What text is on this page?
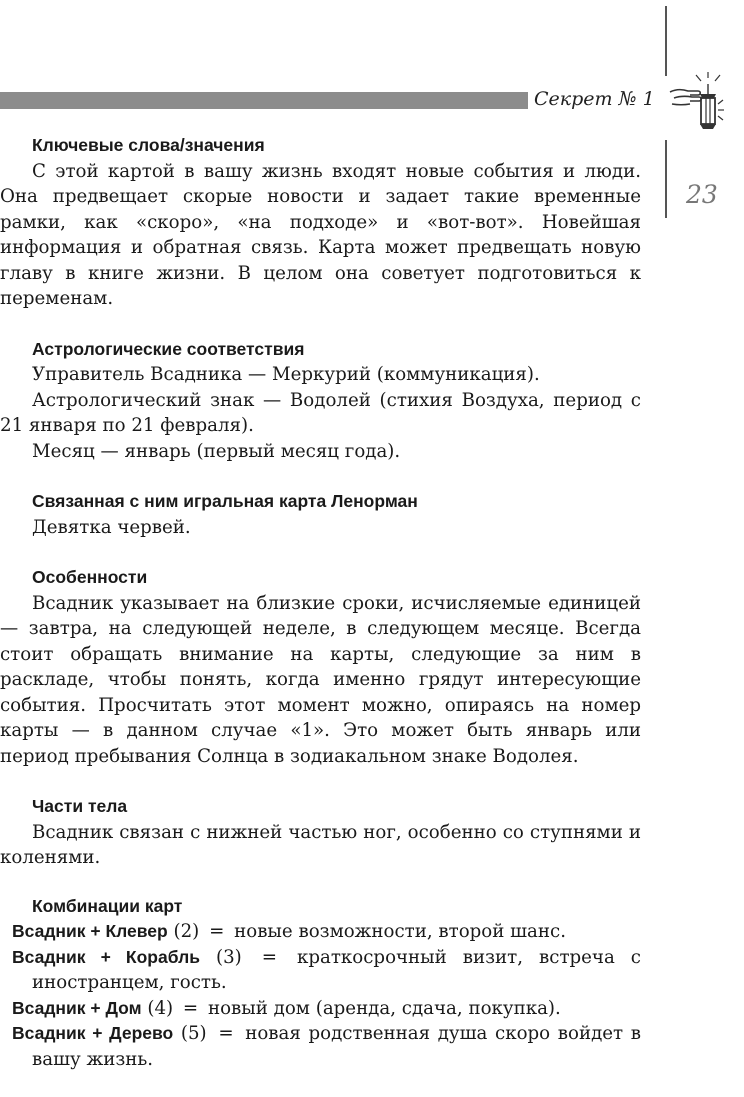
Секрет № 1
23
Ключевые слова/значения

С этой картой в вашу жизнь входят новые события и люди. Она предвещает скорые новости и задает такие временные рамки, как «скоро», «на подходе» и «вот-вот». Новейшая информация и обратная связь. Карта может предвещать новую главу в книге жизни. В целом она советует подготовиться к переменам.

Астрологические соответствия

Управитель Всадника — Меркурий (коммуникация).

Астрологический знак — Водолей (стихия Воздуха, период с 21 января по 21 февраля).

Месяц — январь (первый месяц года).

Связанная с ним игральная карта Ленорман

Девятка червей.

Особенности

Всадник указывает на близкие сроки, исчисляемые единицей — завтра, на следующей неделе, в следующем месяце. Всегда стоит обращать внимание на карты, следующие за ним в раскладе, чтобы понять, когда именно грядут интересующие события. Просчитать этот момент можно, опираясь на номер карты — в данном случае «1». Это может быть январь или период пребывания Солнца в зодиакальном знаке Водолея.

Части тела

Всадник связан с нижней частью ног, особенно со ступнями и коленями.

Комбинации карт

Всадник + Клевер (2) = новые возможности, второй шанс.

Всадник + Корабль (3) = краткосрочный визит, встреча с иностранцем, гость.

Всадник + Дом (4) = новый дом (аренда, сдача, покупка).

Всадник + Дерево (5) = новая родственная душа скоро войдет в вашу жизнь.
